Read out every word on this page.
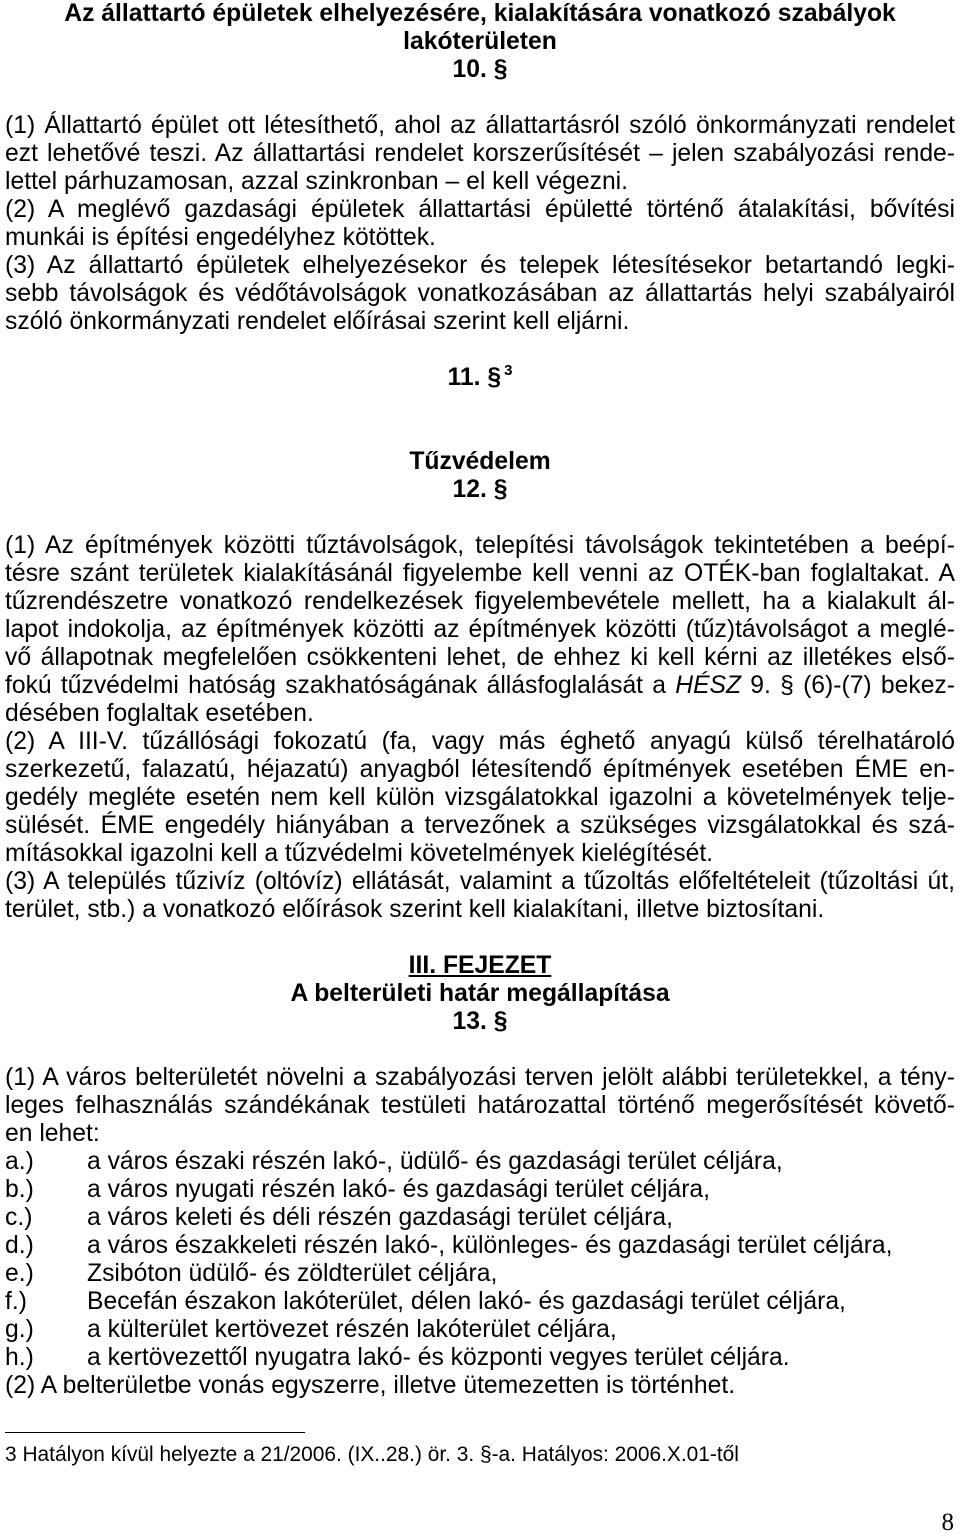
Az állattartó épületek elhelyezésére, kialakítására vonatkozó szabályok
lakóterületen
10. §
(1) Állattartó épület ott létesíthető, ahol az állattartásról szóló önkormányzati rendelet
ezt lehetővé teszi. Az állattartási rendelet korszerűsítését – jelen szabályozási rende-
lettel párhuzamosan, azzal szinkronban – el kell végezni.
(2) A meglévő gazdasági épületek állattartási épületté történő átalakítási, bővítési
munkái is építési engedélyhez kötöttek.
(3) Az állattartó épületek elhelyezésekor és telepek létesítésekor betartandó legki-
sebb távolságok és védőtávolságok vonatkozásában az állattartás helyi szabályairól
szóló önkormányzati rendelet előírásai szerint kell eljárni.
11. § $^3$
Tűzvédelem
12. §
(1) Az építmények közötti tűztávolságok, telepítési távolságok tekintetében a beépí-
tésre szánt területek kialakításánál figyelembe kell venni az OTÉK-ban foglaltakat. A
tűzrendészetre vonatkozó rendelkezések figyelembevétele mellett, ha a kialakult ál-
lapot indokolja, az építmények közötti az építmények közötti (tűz)távolságot a meglé-
vő állapotnak megfelelően csökkenteni lehet, de ehhez ki kell kérni az illetékes első-
fokú tűzvédelmi hatóság szakhatóságának állásfoglalását a HÉSZ 9. § (6)-(7) bekez-
désében foglaltak esetében.
(2) A III-V. tűzállósági fokozatú (fa, vagy más éghető anyagú külső térelhatároló
szerkezetű, falazatú, héjazatú) anyagból létesítendő építmények esetében ÉME en-
gedély megléte esetén nem kell külön vizsgálatokkal igazolni a követelmények telje-
sülését. ÉME engedély hiányában a tervezőnek a szükséges vizsgálatokkal és szá-
mításokkal igazolni kell a tűzvédelmi követelmények kielégítését.
(3) A település tűzivíz (oltóvíz) ellátását, valamint a tűzoltás előfeltételeit (tűzoltási út,
terület, stb.) a vonatkozó előírások szerint kell kialakítani, illetve biztosítani.
III. FEJEZET
A belterületi határ megállapítása
13. §
(1) A város belterületét növelni a szabályozási terven jelölt alábbi területekkel, a tény-
leges felhasználás szándékának testületi határozattal történő megerősítését követő-
en lehet:
a.) a város északi részén lakó-, üdülő- és gazdasági terület céljára,
b.) a város nyugati részén lakó- és gazdasági terület céljára,
c.) a város keleti és déli részén gazdasági terület céljára,
d.) a város északkeleti részén lakó-, különleges- és gazdasági terület céljára,
e.) Zsibóton üdülő- és zöldterület céljára,
f.) Becefán északon lakóterület, délen lakó- és gazdasági terület céljára,
g.) a külterület kertövezet részén lakóterület céljára,
h.) a kertövezettől nyugatra lakó- és központi vegyes terület céljára.
(2) A belterületbe vonás egyszerre, illetve ütemezetten is történhet.
3 Hatályon kívül helyezte a 21/2006. (IX..28.) ör. 3. §-a. Hatályos: 2006.X.01-től
8
